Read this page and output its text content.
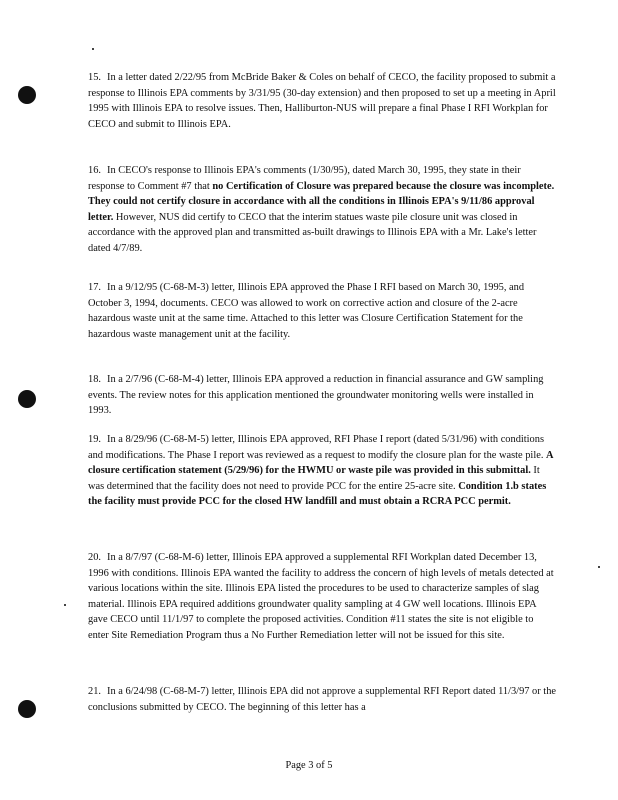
15. In a letter dated 2/22/95 from McBride Baker & Coles on behalf of CECO, the facility proposed to submit a response to Illinois EPA comments by 3/31/95 (30-day extension) and then proposed to set up a meeting in April 1995 with Illinois EPA to resolve issues. Then, Halliburton-NUS will prepare a final Phase I RFI Workplan for CECO and submit to Illinois EPA.
16. In CECO's response to Illinois EPA's comments (1/30/95), dated March 30, 1995, they state in their response to Comment #7 that no Certification of Closure was prepared because the closure was incomplete. They could not certify closure in accordance with all the conditions in Illinois EPA's 9/11/86 approval letter. However, NUS did certify to CECO that the interim statues waste pile closure unit was closed in accordance with the approved plan and transmitted as-built drawings to Illinois EPA with a Mr. Lake's letter dated 4/7/89.
17. In a 9/12/95 (C-68-M-3) letter, Illinois EPA approved the Phase I RFI based on March 30, 1995, and October 3, 1994, documents. CECO was allowed to work on corrective action and closure of the 2-acre hazardous waste unit at the same time. Attached to this letter was Closure Certification Statement for the hazardous waste management unit at the facility.
18. In a 2/7/96 (C-68-M-4) letter, Illinois EPA approved a reduction in financial assurance and GW sampling events. The review notes for this application mentioned the groundwater monitoring wells were installed in 1993.
19. In a 8/29/96 (C-68-M-5) letter, Illinois EPA approved, RFI Phase I report (dated 5/31/96) with conditions and modifications. The Phase I report was reviewed as a request to modify the closure plan for the waste pile. A closure certification statement (5/29/96) for the HWMU or waste pile was provided in this submittal. It was determined that the facility does not need to provide PCC for the entire 25-acre site. Condition 1.b states the facility must provide PCC for the closed HW landfill and must obtain a RCRA PCC permit.
20. In a 8/7/97 (C-68-M-6) letter, Illinois EPA approved a supplemental RFI Workplan dated December 13, 1996 with conditions. Illinois EPA wanted the facility to address the concern of high levels of metals detected at various locations within the site. Illinois EPA listed the procedures to be used to characterize samples of slag material. Illinois EPA required additions groundwater quality sampling at 4 GW well locations. Illinois EPA gave CECO until 11/1/97 to complete the proposed activities. Condition #11 states the site is not eligible to enter Site Remediation Program thus a No Further Remediation letter will not be issued for this site.
21. In a 6/24/98 (C-68-M-7) letter, Illinois EPA did not approve a supplemental RFI Report dated 11/3/97 or the conclusions submitted by CECO. The beginning of this letter has a
Page 3 of 5
